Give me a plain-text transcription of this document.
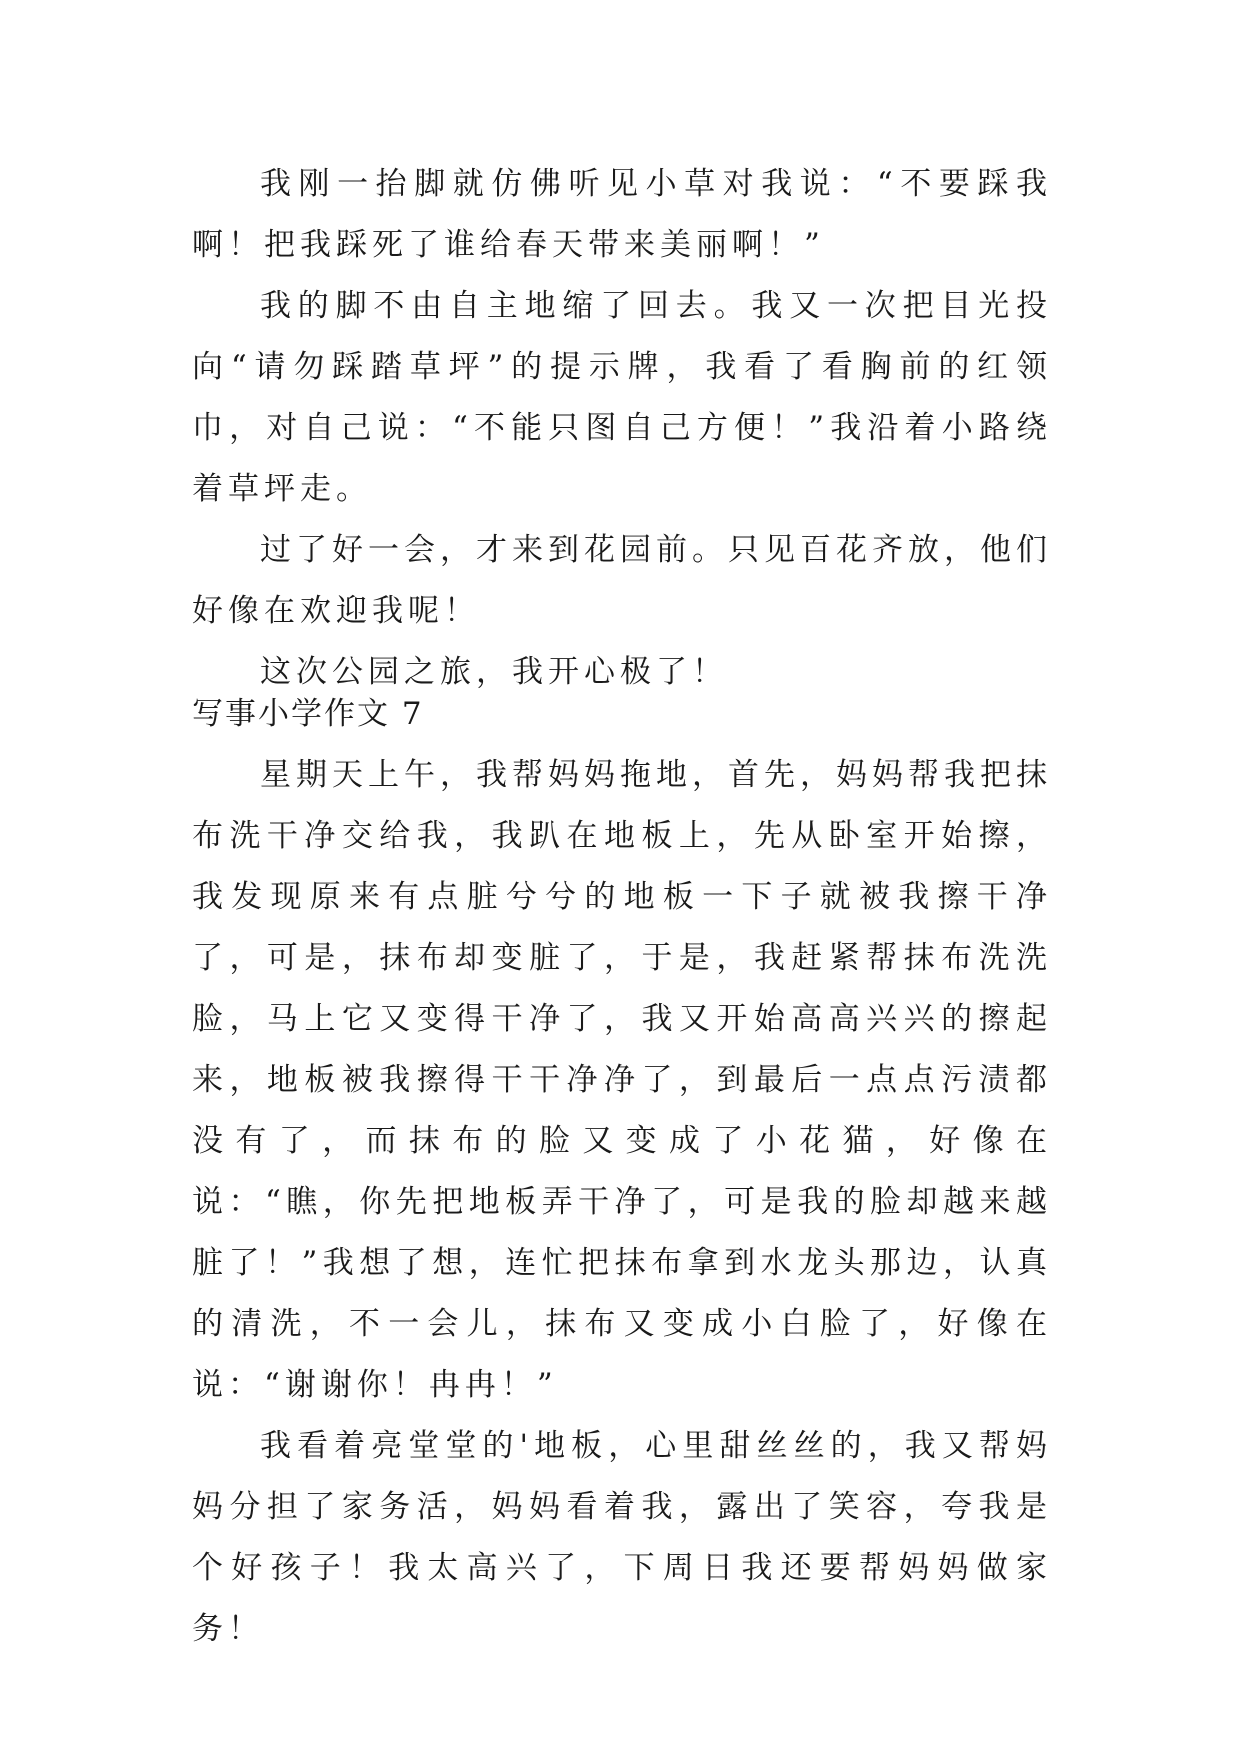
我刚一抬脚就仿佛听见小草对我说：“不要踩我啊！把我踩死了谁给春天带来美丽啊！”

我的脚不由自主地缩了回去。我又一次把目光投向“请勿踩踏草坪”的提示牌，我看了看胸前的红领巾，对自己说：“不能只图自己方便！”我沿着小路绕着草坪走。

过了好一会，才来到花园前。只见百花齐放，他们好像在欢迎我呢！

这次公园之旅，我开心极了！

写事小学作文 7

星期天上午，我帮妈妈拖地，首先，妈妈帮我把抹布洗干净交给我，我趴在地板上，先从卧室开始擦，我发现原来有点脏兮兮的地板一下子就被我擦干净了，可是，抹布却变脏了，于是，我赶紧帮抹布洗洗脸，马上它又变得干净了，我又开始高高兴兴的擦起来，地板被我擦得干干净净了，到最后一点点污渍都没有了，而抹布的脸又变成了小花猫，好像在说：“瞧，你先把地板弄干净了，可是我的脸却越来越脏了！”我想了想，连忙把抹布拿到水龙头那边，认真的清洗，不一会儿，抹布又变成小白脸了，好像在说：“谢谢你！冉冉！”

我看着亮堂堂的'地板，心里甜丝丝的，我又帮妈妈分担了家务活，妈妈看着我，露出了笑容，夸我是个好孩子！我太高兴了，下周日我还要帮妈妈做家务！
